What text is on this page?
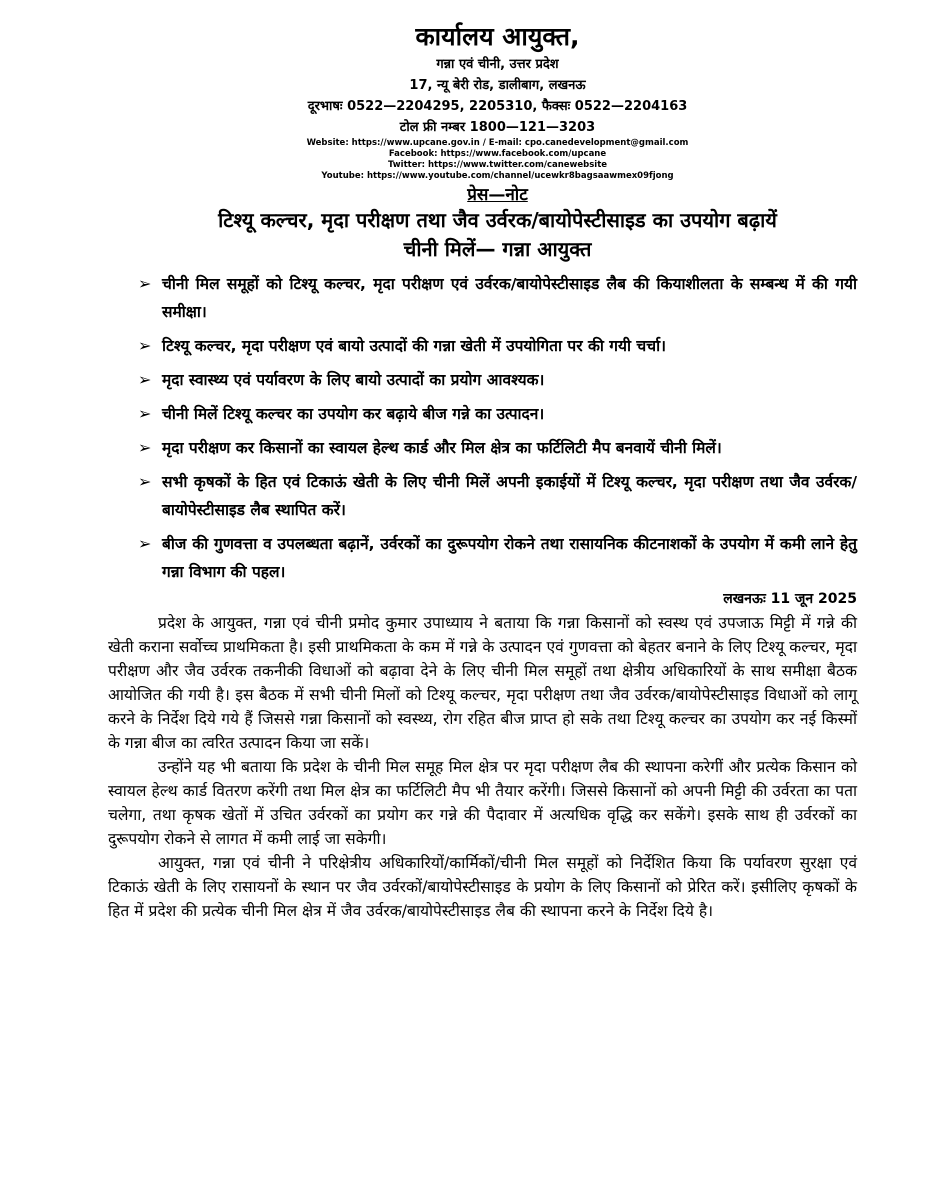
कार्यालय आयुक्त,
गन्ना एवं चीनी, उत्तर प्रदेश
17, न्यू बेरी रोड, डालीबाग, लखनऊ
दूरभाषः 0522—2204295, 2205310, फैक्सः 0522—2204163
टोल फ्री नम्बर 1800—121—3203
Website: https://www.upcane.gov.in / E-mail: cpo.canedevelopment@gmail.com
Facebook: https://www.facebook.com/upcane
Twitter: https://www.twitter.com/canewebsite
Youtube: https://www.youtube.com/channel/ucewkr8bagsaawmex09fjong
प्रेस—नोट
टिश्यू कल्चर, मृदा परीक्षण तथा जैव उर्वरक/बायोपेस्टीसाइड का उपयोग बढ़ायें
चीनी मिलें— गन्ना आयुक्त
➢ चीनी मिल समूहों को टिश्यू कल्चर, मृदा परीक्षण एवं उर्वरक/बायोपेस्टीसाइड लैब की कियाशीलता के सम्बन्ध में की गयी समीक्षा।
➢ टिश्यू कल्चर, मृदा परीक्षण एवं बायो उत्पादों की गन्ना खेती में उपयोगिता पर की गयी चर्चा।
➢ मृदा स्वास्थ्य एवं पर्यावरण के लिए बायो उत्पादों का प्रयोग आवश्यक।
➢ चीनी मिलें टिश्यू कल्चर का उपयोग कर बढ़ाये बीज गन्ने का उत्पादन।
➢ मृदा परीक्षण कर किसानों का स्वायल हेल्थ कार्ड और मिल क्षेत्र का फर्टिलिटी मैप बनवायें चीनी मिलें।
➢ सभी कृषकों के हित एवं टिकाऊं खेती के लिए चीनी मिलें अपनी इकाईयों में टिश्यू कल्चर, मृदा परीक्षण तथा जैव उर्वरक/बायोपेस्टीसाइड लैब स्थापित करें।
➢ बीज की गुणवत्ता व उपलब्धता बढ़ानें, उर्वरकों का दुरूपयोग रोकने तथा रासायनिक कीटनाशकों के उपयोग में कमी लाने हेतु गन्ना विभाग की पहल।
लखनऊः 11 जून 2025

प्रदेश के आयुक्त, गन्ना एवं चीनी प्रमोद कुमार उपाध्याय ने बताया कि गन्ना किसानों को स्वस्थ एवं उपजाऊ मिट्टी में गन्ने की खेती कराना सर्वोच्च प्राथमिकता है। इसी प्राथमिकता के कम में गन्ने के उत्पादन एवं गुणवत्ता को बेहतर बनाने के लिए टिश्यू कल्चर, मृदा परीक्षण और जैव उर्वरक तकनीकी विधाओं को बढ़ावा देने के लिए चीनी मिल समूहों तथा क्षेत्रीय अधिकारियों के साथ समीक्षा बैठक आयोजित की गयी है। इस बैठक में सभी चीनी मिलों को टिश्यू कल्चर, मृदा परीक्षण तथा जैव उर्वरक/बायोपेस्टीसाइड विधाओं को लागू करने के निर्देश दिये गये हैं जिससे गन्ना किसानों को स्वस्थ्य, रोग रहित बीज प्राप्त हो सके तथा टिश्यू कल्चर का उपयोग कर नई किस्मों के गन्ना बीज का त्वरित उत्पादन किया जा सकें।

उन्होंने यह भी बताया कि प्रदेश के चीनी मिल समूह मिल क्षेत्र पर मृदा परीक्षण लैब की स्थापना करेगीं और प्रत्येक किसान को स्वायल हेल्थ कार्ड वितरण करेंगी तथा मिल क्षेत्र का फर्टिलिटी मैप भी तैयार करेंगी। जिससे किसानों को अपनी मिट्टी की उर्वरता का पता चलेगा, तथा कृषक खेतों में उचित उर्वरकों का प्रयोग कर गन्ने की पैदावार में अत्यधिक वृद्धि कर सकेंगे। इसके साथ ही उर्वरकों का दुरूपयोग रोकने से लागत में कमी लाई जा सकेगी।

आयुक्त, गन्ना एवं चीनी ने परिक्षेत्रीय अधिकारियों/कार्मिकों/चीनी मिल समूहों को निर्देशित किया कि पर्यावरण सुरक्षा एवं टिकाऊं खेती के लिए रासायनों के स्थान पर जैव उर्वरकों/बायोपेस्टीसाइड के प्रयोग के लिए किसानों को प्रेरित करें। इसीलिए कृषकों के हित में प्रदेश की प्रत्येक चीनी मिल क्षेत्र में जैव उर्वरक/बायोपेस्टीसाइड लैब की स्थापना करने के निर्देश दिये है।
